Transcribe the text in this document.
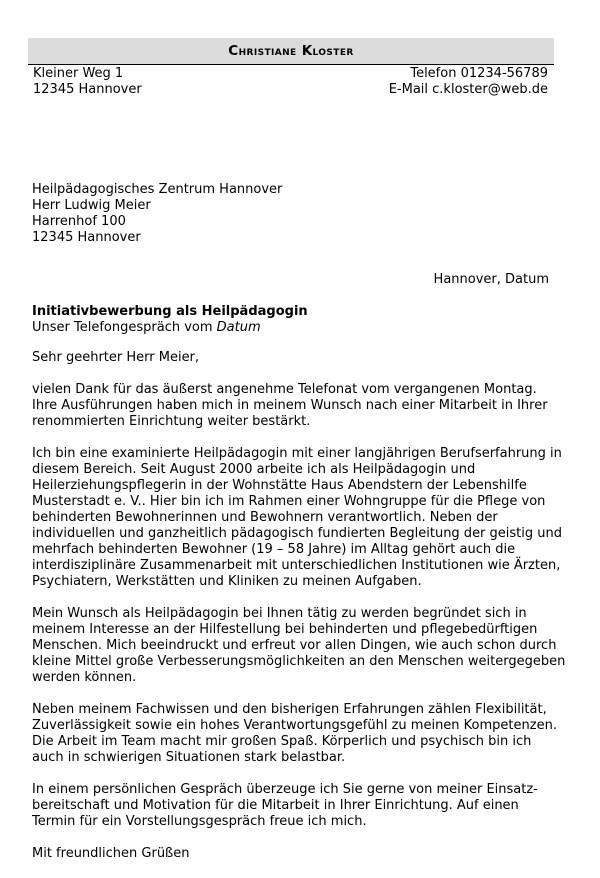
Christiane Kloster
Kleiner Weg 1
12345 Hannover
Telefon 01234-56789
E-Mail c.kloster@web.de
Heilpädagogisches Zentrum Hannover
Herr Ludwig Meier
Harrenhof 100
12345 Hannover
Hannover, Datum
Initiativbewerbung als Heilpädagogin
Unser Telefongespräch vom Datum

Sehr geehrter Herr Meier,

vielen Dank für das äußerst angenehme Telefonat vom vergangenen Montag.
Ihre Ausführungen haben mich in meinem Wunsch nach einer Mitarbeit in Ihrer
renommierten Einrichtung weiter bestärkt.

Ich bin eine examinierte Heilpädagogin mit einer langjährigen Berufserfahrung in
diesem Bereich. Seit August 2000 arbeite ich als Heilpädagogin und
Heilerziehungspflegerin in der Wohnstätte Haus Abendstern der Lebenshilfe
Musterstadt e. V.. Hier bin ich im Rahmen einer Wohngruppe für die Pflege von
behinderten Bewohnerinnen und Bewohnern verantwortlich. Neben der
individuellen und ganzheitlich pädagogisch fundierten Begleitung der geistig und
mehrfach behinderten Bewohner (19 – 58 Jahre) im Alltag gehört auch die
interdisziplinäre Zusammenarbeit mit unterschiedlichen Institutionen wie Ärzten,
Psychiatern, Werkstätten und Kliniken zu meinen Aufgaben.

Mein Wunsch als Heilpädagogin bei Ihnen tätig zu werden begründet sich in
meinem Interesse an der Hilfestellung bei behinderten und pflegebedürftigen
Menschen. Mich beeindruckt und erfreut vor allen Dingen, wie auch schon durch
kleine Mittel große Verbesserungsmöglichkeiten an den Menschen weitergegeben
werden können.

Neben meinem Fachwissen und den bisherigen Erfahrungen zählen Flexibilität,
Zuverlässigkeit sowie ein hohes Verantwortungsgefühl zu meinen Kompetenzen.
Die Arbeit im Team macht mir großen Spaß. Körperlich und psychisch bin ich
auch in schwierigen Situationen stark belastbar.

In einem persönlichen Gespräch überzeuge ich Sie gerne von meiner Einsatz-
bereitschaft und Motivation für die Mitarbeit in Ihrer Einrichtung. Auf einen
Termin für ein Vorstellungsgespräch freue ich mich.

Mit freundlichen Grüßen
